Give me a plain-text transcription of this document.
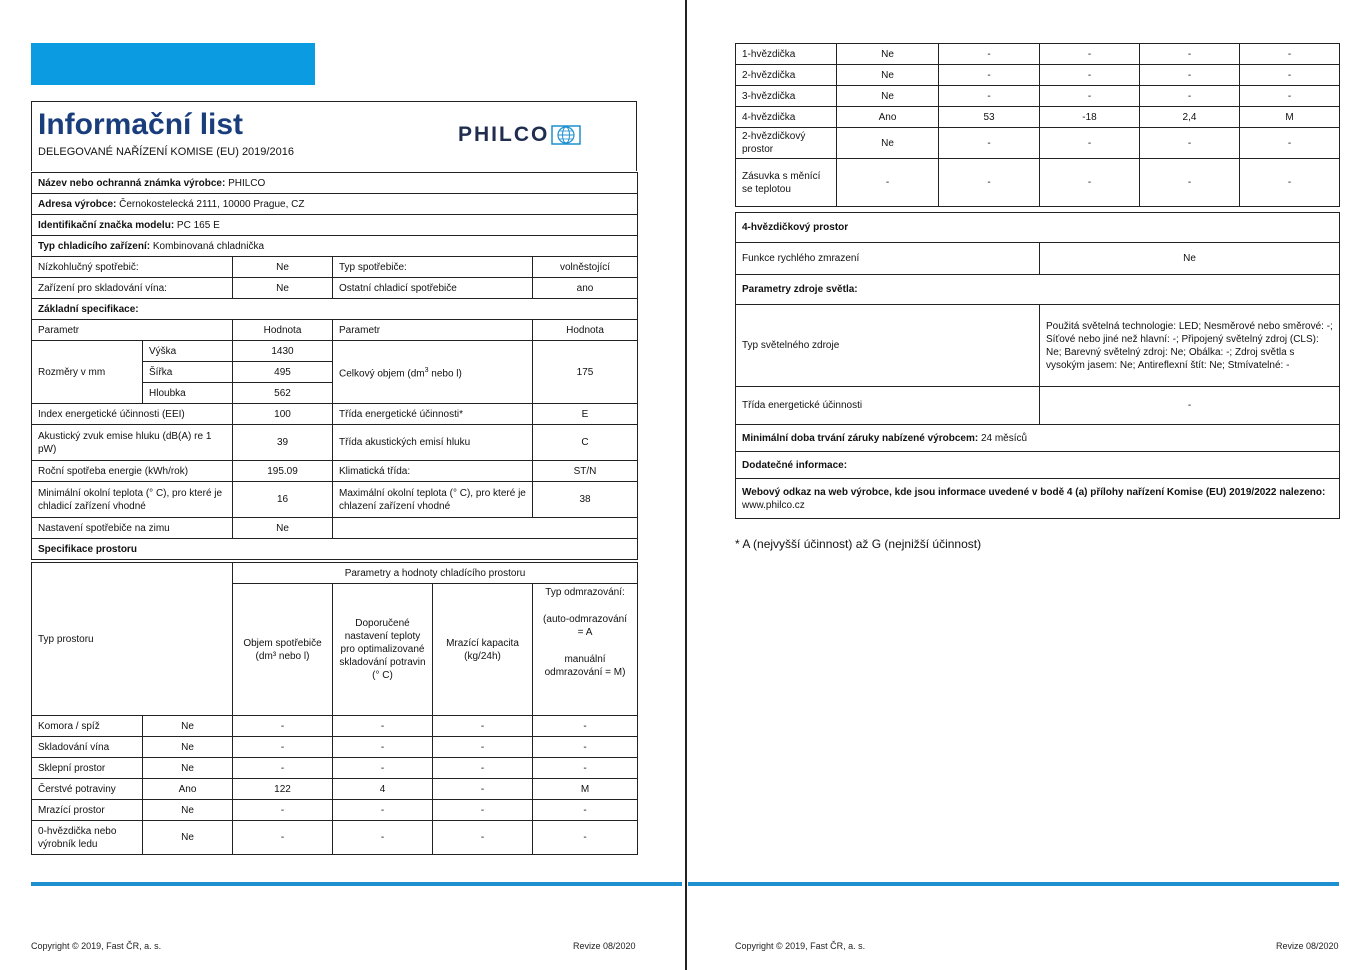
Informační list
DELEGOVANÉ NAŘÍZENÍ KOMISE (EU) 2019/2016
PHILCO
Název nebo ochranná známka výrobce: PHILCO				
Adresa výrobce: Černokostelecká 2111, 10000 Prague, CZ				
Identifikační značka modelu: PC 165 E				
Typ chladicího zařízení: Kombinovaná chladnička				
Nízkohlučný spotřebič:		Ne	Typ spotřebiče:	volněstojící
Zařízení pro skladování vína:		Ne	Ostatní chladicí spotřebiče	ano
Základní specifikace:				
Parametr		Hodnota	Parametr	Hodnota
Rozměry v mm	Výška	1430	Celkový objem ($dm^3$ nebo l)	175
	Šířka	495		
	Hloubka	562		
Index energetické účinnosti (EEI)		100	Třída energetické účinnosti*	E
Akustický zvuk emise hluku (dB(A) re 1 pW)		39	Třída akustických emisí hluku	C
Roční spotřeba energie (kWh/rok)		195.09	Klimatická třída:	ST/N
Minimální okolní teplota (° C), pro které je chladicí zařízení vhodné		16	Maximální okolní teplota (° C), pro které je chlazení zařízení vhodné	38
Nastavení spotřebiče na zimu		Ne		
Specifikace prostoru				
Typ prostoru		Parametry a hodnoty chladícího prostoru			
		Objem spotřebiče (dm³ nebo l)	Doporučené nastavení teploty pro optimalizované skladování potravin (° C)	Mrazící kapacita (kg/24h)	Typ odmrazování:
(auto-odmrazování = A
manuální odmrazování = M)

Komora / spíž	Ne	-	-	-	-
Skladování vína	Ne	-	-	-	-
Sklepní prostor	Ne	-	-	-	-
Čerstvé potraviny	Ano	122	4	-	M
Mrazící prostor	Ne	-	-	-	-
0-hvězdička nebo výrobník ledu	Ne	-	-	-	-
1-hvězdička	Ne	-	-	-	-
2-hvězdička	Ne	-	-	-	-
3-hvězdička	Ne	-	-	-	-
4-hvězdička	Ano	53	-18	2,4	M
2-hvězdičkový prostor	Ne	-	-	-	-
Zásuvka s měnící se teplotou	-	-	-	-	-
4-hvězdičkový prostor	
Funkce rychlého zmrazení	Ne
Parametry zdroje světla:	
Typ světelného zdroje	Použitá světelná technologie: LED; Nesměrové nebo směrové: -; Síťové nebo jiné než hlavní: -; Připojený světelný zdroj (CLS): Ne; Barevný světelný zdroj: Ne; Obálka: -; Zdroj světla s vysokým jasem: Ne; Antireflexní štít: Ne; Stmívatelné: -
Třída energetické účinnosti	-
Minimální doba trvání záruky nabízené výrobcem: 24 měsíců	
Dodatečné informace:	
Webový odkaz na web výrobce, kde jsou informace uvedené v bodě 4 (a) přílohy nařízení Komise (EU) 2019/2022 nalezeno: www.philco.cz	
* A (nejvyšší účinnost) až G (nejnižší účinnost)
Copyright © 2019, Fast ČR, a. s.	Revize 08/2020	Copyright © 2019, Fast ČR, a. s.	Revize 08/2020
